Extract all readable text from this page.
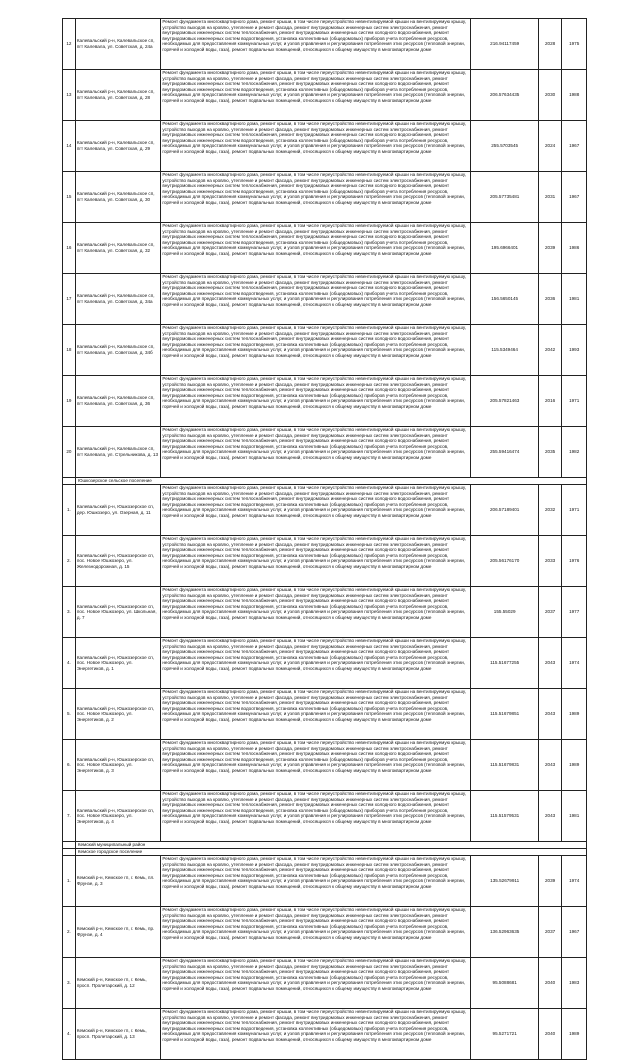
12	Калевальский р-н, Калевальское сп, пгт Калевала, ул. Советская, д. 24а	Ремонт фундамента многоквартирного дома, ремонт крыши, в том числе переустройство невентилируемой крыши на вентилируемую крышу, устройство выходов на кровлю, утепление и ремонт фасада, ремонт внутридомовых инженерных систем электроснабжения, ремонт внутридомовых инженерных систем теплоснабжения, ремонт внутридомовых инженерных систем холодного водоснабжения, ремонт внутридомовых инженерных систем водоотведения, установка коллективных (общедомовых) приборов учета потребления ресурсов, необходимых для предоставления коммунальных услуг, и узлов управления и регулирования потребления этих ресурсов (тепловой энергии, горячей и холодной воды, газа), ремонт подвальных помещений, относящихся к общему имуществу в многоквартирном доме	216.94117459	2028	1975
13	Калевальский р-н, Калевальское сп, пгт Калевала, ул. Советская, д. 28	Ремонт фундамента многоквартирного дома, ремонт крыши, в том числе переустройство невентилируемой крыши на вентилируемую крышу, устройство выходов на кровлю, утепление и ремонт фасада, ремонт внутридомовых инженерных систем электроснабжения, ремонт внутридомовых инженерных систем теплоснабжения, ремонт внутридомовых инженерных систем холодного водоснабжения, ремонт внутридомовых инженерных систем водоотведения, установка коллективных (общедомовых) приборов учета потребления ресурсов, необходимых для предоставления коммунальных услуг, и узлов управления и регулирования потребления этих ресурсов (тепловой энергии, горячей и холодной воды, газа), ремонт подвальных помещений, относящихся к общему имуществу в многоквартирном доме	206.57634435	2030	1988
14	Калевальский р-н, Калевальское сп, пгт Калевала, ул. Советская, д. 29	Ремонт фундамента многоквартирного дома, ремонт крыши, в том числе переустройство невентилируемой крыши на вентилируемую крышу, устройство выходов на кровлю, утепление и ремонт фасада, ремонт внутридомовых инженерных систем электроснабжения, ремонт внутридомовых инженерных систем теплоснабжения, ремонт внутридомовых инженерных систем холодного водоснабжения, ремонт внутридомовых инженерных систем водоотведения, установка коллективных (общедомовых) приборов учета потребления ресурсов, необходимых для предоставления коммунальных услуг, и узлов управления и регулирования потребления этих ресурсов (тепловой энергии, горячей и холодной воды, газа), ремонт подвальных помещений, относящихся к общему имуществу в многоквартирном доме	255.5703545	2024	1967
15	Калевальский р-н, Калевальское сп, пгт Калевала, ул. Советская, д. 30	Ремонт фундамента многоквартирного дома, ремонт крыши, в том числе переустройство невентилируемой крыши на вентилируемую крышу, устройство выходов на кровлю, утепление и ремонт фасада, ремонт внутридомовых инженерных систем электроснабжения, ремонт внутридомовых инженерных систем теплоснабжения, ремонт внутридомовых инженерных систем холодного водоснабжения, ремонт внутридомовых инженерных систем водоотведения, установка коллективных (общедомовых) приборов учета потребления ресурсов, необходимых для предоставления коммунальных услуг, и узлов управления и регулирования потребления этих ресурсов (тепловой энергии, горячей и холодной воды, газа), ремонт подвальных помещений, относящихся к общему имуществу в многоквартирном доме	205.57735481	2031	1967
16	Калевальский р-н, Калевальское сп, пгт Калевала, ул. Советская, д. 32	Ремонт фундамента многоквартирного дома, ремонт крыши, в том числе переустройство невентилируемой крыши на вентилируемую крышу, устройство выходов на кровлю, утепление и ремонт фасада, ремонт внутридомовых инженерных систем электроснабжения, ремонт внутридомовых инженерных систем теплоснабжения, ремонт внутридомовых инженерных систем холодного водоснабжения, ремонт внутридомовых инженерных систем водоотведения, установка коллективных (общедомовых) приборов учета потребления ресурсов, необходимых для предоставления коммунальных услуг, и узлов управления и регулирования потребления этих ресурсов (тепловой энергии, горячей и холодной воды, газа), ремонт подвальных помещений, относящихся к общему имуществу в многоквартирном доме	195.6966401	2039	1986
17	Калевальский р-н, Калевальское сп, пгт Калевала, ул. Советская, д. 34а	Ремонт фундамента многоквартирного дома, ремонт крыши, в том числе переустройство невентилируемой крыши на вентилируемую крышу, устройство выходов на кровлю, утепление и ремонт фасада, ремонт внутридомовых инженерных систем электроснабжения, ремонт внутридомовых инженерных систем теплоснабжения, ремонт внутридомовых инженерных систем холодного водоснабжения, ремонт внутридомовых инженерных систем водоотведения, установка коллективных (общедомовых) приборов учета потребления ресурсов, необходимых для предоставления коммунальных услуг, и узлов управления и регулирования потребления этих ресурсов (тепловой энергии, горячей и холодной воды, газа), ремонт подвальных помещений, относящихся к общему имуществу в многоквартирном доме	156.5650145	2036	1981
18	Калевальский р-н, Калевальское сп, пгт Калевала, ул. Советская, д. 34б	Ремонт фундамента многоквартирного дома, ремонт крыши, в том числе переустройство невентилируемой крыши на вентилируемую крышу, устройство выходов на кровлю, утепление и ремонт фасада, ремонт внутридомовых инженерных систем электроснабжения, ремонт внутридомовых инженерных систем теплоснабжения, ремонт внутридомовых инженерных систем холодного водоснабжения, ремонт внутридомовых инженерных систем водоотведения, установка коллективных (общедомовых) приборов учета потребления ресурсов, необходимых для предоставления коммунальных услуг, и узлов управления и регулирования потребления этих ресурсов (тепловой энергии, горячей и холодной воды, газа), ремонт подвальных помещений, относящихся к общему имуществу в многоквартирном доме	115.5349464	2042	1993
19	Калевальский р-н, Калевальское сп, пгт Калевала, ул. Советская, д. 36	Ремонт фундамента многоквартирного дома, ремонт крыши, в том числе переустройство невентилируемой крыши на вентилируемую крышу, устройство выходов на кровлю, утепление и ремонт фасада, ремонт внутридомовых инженерных систем электроснабжения, ремонт внутридомовых инженерных систем теплоснабжения, ремонт внутридомовых инженерных систем холодного водоснабжения, ремонт внутридомовых инженерных систем водоотведения, установка коллективных (общедомовых) приборов учета потребления ресурсов, необходимых для предоставления коммунальных услуг, и узлов управления и регулирования потребления этих ресурсов (тепловой энергии, горячей и холодной воды, газа), ремонт подвальных помещений, относящихся к общему имуществу в многоквартирном доме	205.57821463	2016	1971
20	Калевальский р-н, Калевальское сп, пгт Калевала, ул. Стрельникова, д. 13	Ремонт фундамента многоквартирного дома, ремонт крыши, в том числе переустройство невентилируемой крыши на вентилируемую крышу, устройство выходов на кровлю, утепление и ремонт фасада, ремонт внутридомовых инженерных систем электроснабжения, ремонт внутридомовых инженерных систем теплоснабжения, ремонт внутридомовых инженерных систем холодного водоснабжения, ремонт внутридомовых инженерных систем водоотведения, установка коллективных (общедомовых) приборов учета потребления ресурсов, необходимых для предоставления коммунальных услуг, и узлов управления и регулирования потребления этих ресурсов (тепловой энергии, горячей и холодной воды, газа), ремонт подвальных помещений, относящихся к общему имуществу в многоквартирном доме	255.59416474	2035	1982
	Юшкозерское сельское поселение				
1.	Калевальский р-н, Юшкозерское сп, дер. Юшкозеро, ул. Озерная, д. 11	Ремонт фундамента многоквартирного дома, ремонт крыши, в том числе переустройство невентилируемой крыши на вентилируемую крышу, устройство выходов на кровлю, утепление и ремонт фасада, ремонт внутридомовых инженерных систем электроснабжения, ремонт внутридомовых инженерных систем теплоснабжения, ремонт внутридомовых инженерных систем холодного водоснабжения, ремонт внутридомовых инженерных систем водоотведения, установка коллективных (общедомовых) приборов учета потребления ресурсов, необходимых для предоставления коммунальных услуг, и узлов управления и регулирования потребления этих ресурсов (тепловой энергии, горячей и холодной воды, газа), ремонт подвальных помещений, относящихся к общему имуществу в многоквартирном доме	206.57189401	2032	1971
2.	Калевальский р-н, Юшкозерское сп, пос. Новое Юшкозеро, ул. Железнодорожная, д. 15	Ремонт фундамента многоквартирного дома, ремонт крыши, в том числе переустройство невентилируемой крыши на вентилируемую крышу, устройство выходов на кровлю, утепление и ремонт фасада, ремонт внутридомовых инженерных систем электроснабжения, ремонт внутридомовых инженерных систем теплоснабжения, ремонт внутридомовых инженерных систем холодного водоснабжения, ремонт внутридомовых инженерных систем водоотведения, установка коллективных (общедомовых) приборов учета потребления ресурсов, необходимых для предоставления коммунальных услуг, и узлов управления и регулирования потребления этих ресурсов (тепловой энергии, горячей и холодной воды, газа), ремонт подвальных помещений, относящихся к общему имуществу в многоквартирном доме	205.56176170	2033	1976
3.	Калевальский р-н, Юшкозерское сп, пос. Новое Юшкозеро, ул. Школьная, д. 7	Ремонт фундамента многоквартирного дома, ремонт крыши, в том числе переустройство невентилируемой крыши на вентилируемую крышу, устройство выходов на кровлю, утепление и ремонт фасада, ремонт внутридомовых инженерных систем электроснабжения, ремонт внутридомовых инженерных систем теплоснабжения, ремонт внутридомовых инженерных систем холодного водоснабжения, ремонт внутридомовых инженерных систем водоотведения, установка коллективных (общедомовых) приборов учета потребления ресурсов, необходимых для предоставления коммунальных услуг, и узлов управления и регулирования потребления этих ресурсов (тепловой энергии, горячей и холодной воды, газа), ремонт подвальных помещений, относящихся к общему имуществу в многоквартирном доме	155.55029	2037	1977
4.	Калевальский р-н, Юшкозерское сп, пос. Новое Юшкозеро, ул. Энергетиков, д. 1	Ремонт фундамента многоквартирного дома, ремонт крыши, в том числе переустройство невентилируемой крыши на вентилируемую крышу, устройство выходов на кровлю, утепление и ремонт фасада, ремонт внутридомовых инженерных систем электроснабжения, ремонт внутридомовых инженерных систем теплоснабжения, ремонт внутридомовых инженерных систем холодного водоснабжения, ремонт внутридомовых инженерных систем водоотведения, установка коллективных (общедомовых) приборов учета потребления ресурсов, необходимых для предоставления коммунальных услуг, и узлов управления и регулирования потребления этих ресурсов (тепловой энергии, горячей и холодной воды, газа), ремонт подвальных помещений, относящихся к общему имуществу в многоквартирном доме	115.51677255	2043	1974
5.	Калевальский р-н, Юшкозерское сп, пос. Новое Юшкозеро, ул. Энергетиков, д. 2	Ремонт фундамента многоквартирного дома, ремонт крыши, в том числе переустройство невентилируемой крыши на вентилируемую крышу, устройство выходов на кровлю, утепление и ремонт фасада, ремонт внутридомовых инженерных систем электроснабжения, ремонт внутридомовых инженерных систем теплоснабжения, ремонт внутридомовых инженерных систем холодного водоснабжения, ремонт внутридомовых инженерных систем водоотведения, установка коллективных (общедомовых) приборов учета потребления ресурсов, необходимых для предоставления коммунальных услуг, и узлов управления и регулирования потребления этих ресурсов (тепловой энергии, горячей и холодной воды, газа), ремонт подвальных помещений, относящихся к общему имуществу в многоквартирном доме	115.51679851	2043	1989
6.	Калевальский р-н, Юшкозерское сп, пос. Новое Юшкозеро, ул. Энергетиков, д. 3	Ремонт фундамента многоквартирного дома, ремонт крыши, в том числе переустройство невентилируемой крыши на вентилируемую крышу, устройство выходов на кровлю, утепление и ремонт фасада, ремонт внутридомовых инженерных систем электроснабжения, ремонт внутридомовых инженерных систем теплоснабжения, ремонт внутридомовых инженерных систем холодного водоснабжения, ремонт внутридомовых инженерных систем водоотведения, установка коллективных (общедомовых) приборов учета потребления ресурсов, необходимых для предоставления коммунальных услуг, и узлов управления и регулирования потребления этих ресурсов (тепловой энергии, горячей и холодной воды, газа), ремонт подвальных помещений, относящихся к общему имуществу в многоквартирном доме	115.51679831	2043	1989
7.	Калевальский р-н, Юшкозерское сп, пос. Новое Юшкозеро, ул. Энергетиков, д. 4	Ремонт фундамента многоквартирного дома, ремонт крыши, в том числе переустройство невентилируемой крыши на вентилируемую крышу, устройство выходов на кровлю, утепление и ремонт фасада, ремонт внутридомовых инженерных систем электроснабжения, ремонт внутридомовых инженерных систем теплоснабжения, ремонт внутридомовых инженерных систем холодного водоснабжения, ремонт внутридомовых инженерных систем водоотведения, установка коллективных (общедомовых) приборов учета потребления ресурсов, необходимых для предоставления коммунальных услуг, и узлов управления и регулирования потребления этих ресурсов (тепловой энергии, горячей и холодной воды, газа), ремонт подвальных помещений, относящихся к общему имуществу в многоквартирном доме	115.51579531	2043	1981
	Кемский муниципальный район				
	Кемское городское поселение				
1.	Кемский р-н, Кемское гп, г. Кемь, пл. Фрунзе, д. 3	Ремонт фундамента многоквартирного дома, ремонт крыши, в том числе переустройство невентилируемой крыши на вентилируемую крышу, устройство выходов на кровлю, утепление и ремонт фасада, ремонт внутридомовых инженерных систем электроснабжения, ремонт внутридомовых инженерных систем теплоснабжения, ремонт внутридомовых инженерных систем холодного водоснабжения, ремонт внутридомовых инженерных систем водоотведения, установка коллективных (общедомовых) приборов учета потребления ресурсов, необходимых для предоставления коммунальных услуг, и узлов управления и регулирования потребления этих ресурсов (тепловой энергии, горячей и холодной воды, газа), ремонт подвальных помещений, относящихся к общему имуществу в многоквартирном доме	135.52679911	2039	1974
2.	Кемский р-н, Кемское гп, г. Кемь, пр. Фрунзе, д. 4	Ремонт фундамента многоквартирного дома, ремонт крыши, в том числе переустройство невентилируемой крыши на вентилируемую крышу, устройство выходов на кровлю, утепление и ремонт фасада, ремонт внутридомовых инженерных систем электроснабжения, ремонт внутридомовых инженерных систем теплоснабжения, ремонт внутридомовых инженерных систем холодного водоснабжения, ремонт внутридомовых инженерных систем водоотведения, установка коллективных (общедомовых) приборов учета потребления ресурсов, необходимых для предоставления коммунальных услуг, и узлов управления и регулирования потребления этих ресурсов (тепловой энергии, горячей и холодной воды, газа), ремонт подвальных помещений, относящихся к общему имуществу в многоквартирном доме	136.52963635	2037	1967
3.	Кемский р-н, Кемское гп, г. Кемь, просп. Пролетарский, д. 12	Ремонт фундамента многоквартирного дома, ремонт крыши, в том числе переустройство невентилируемой крыши на вентилируемую крышу, устройство выходов на кровлю, утепление и ремонт фасада, ремонт внутридомовых инженерных систем электроснабжения, ремонт внутридомовых инженерных систем теплоснабжения, ремонт внутридомовых инженерных систем холодного водоснабжения, ремонт внутридомовых инженерных систем водоотведения, установка коллективных (общедомовых) приборов учета потребления ресурсов, необходимых для предоставления коммунальных услуг, и узлов управления и регулирования потребления этих ресурсов (тепловой энергии, горячей и холодной воды, газа), ремонт подвальных помещений, относящихся к общему имуществу в многоквартирном доме	95.5088681	2040	1983
4.	Кемский р-н, Кемское гп, г. Кемь, просп. Пролетарский, д. 13	Ремонт фундамента многоквартирного дома, ремонт крыши, в том числе переустройство невентилируемой крыши на вентилируемую крышу, устройство выходов на кровлю, утепление и ремонт фасада, ремонт внутридомовых инженерных систем электроснабжения, ремонт внутридомовых инженерных систем теплоснабжения, ремонт внутридомовых инженерных систем холодного водоснабжения, ремонт внутридомовых инженерных систем водоотведения, установка коллективных (общедомовых) приборов учета потребления ресурсов, необходимых для предоставления коммунальных услуг, и узлов управления и регулирования потребления этих ресурсов (тепловой энергии, горячей и холодной воды, газа), ремонт подвальных помещений, относящихся к общему имуществу в многоквартирном доме	95.5271721	2040	1989
